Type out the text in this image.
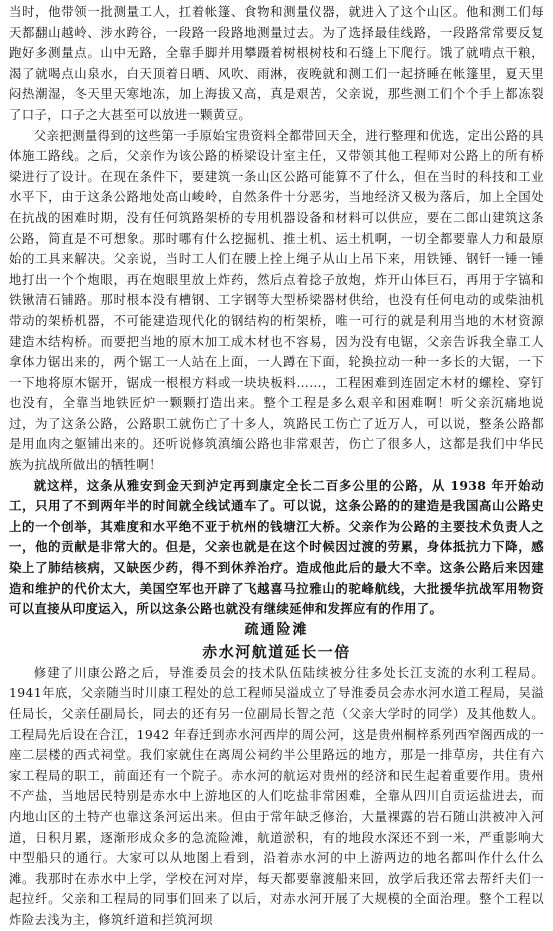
当时，他带领一批测量工人，扛着帐篷、食物和测量仪器，就进入了这个山区。他和测工们每天都翻山越岭、涉水跨谷，一段路一段路地测量过去。为了选择最佳线路，一段路常常要反复跑好多测量点。山中无路，全靠手脚并用攀蹑着树根树枝和石缝上下爬行。饿了就啃点干粮，渴了就喝点山泉水，白天顶着日晒、风吹、雨淋，夜晚就和测工们一起挤睡在帐篷里，夏天里闷热潮湿，冬天里天寒地冻，加上海拔又高，真是艰苦，父亲说，那些测工们个个手上都冻裂了口子，口子之大甚至可以放进一颗黄豆。

父亲把测量得到的这些第一手原始宝贵资料全都带回天全，进行整理和优选，定出公路的具体施工路线。之后，父亲作为该公路的桥梁设计室主任，又带领其他工程师对公路上的所有桥梁进行了设计。在现在条件下，要建筑一条山区公路可能算不了什么，但在当时的科技和工业水平下，由于这条公路地处高山峻岭，自然条件十分恶劣，当地经济又极为落后，加上全国处在抗战的困难时期，没有任何筑路架桥的专用机器设备和材料可以供应，要在二郎山建筑这条公路，简直是不可想象。那时哪有什么挖掘机、推土机、运土机啊，一切全都要靠人力和最原始的工具来解决。父亲说，当时工人们在腰上拴上绳子从山上吊下来，用铁锤、钢钎一锤一锤地打出一个个炮眼，再在炮眼里放上炸药，然后点着捻子放炮，炸开山体巨石，再用于字镐和铁锹清石铺路。那时根本没有槽钢、工字钢等大型桥梁器材供给，也没有任何电动的或柴油机带动的架桥机器，不可能建造现代化的钢结构的桁架桥，唯一可行的就是利用当地的木材资源建造木结构桥。而要把当地的原木加工成木材也不容易，因为没有电锯，父亲告诉我全靠工人拿体力锯出来的，两个锯工一人站在上面，一人蹲在下面，轮换拉动一种一多长的大锯，一下一下地将原木锯开，锯成一根根方料或一块块板料……，工程困难到连固定木材的螺栓、穿钉也没有，全靠当地铁匠炉一颗颗打造出来。整个工程是多么艰辛和困难啊！听父亲沉痛地说过，为了这条公路，公路职工就伤亡了十多人，筑路民工伤亡了近万人，可以说，整条公路都是用血肉之躯铺出来的。还听说修筑滇缅公路也非常艰苦，伤亡了很多人，这都是我们中华民族为抗战所做出的牺牲啊！

就这样，这条从雅安到金天到泸定再到康定全长二百多公里的公路，从 1938 年开始动工，只用了不到两年半的时间就全线试通车了。可以说，这条公路的的建造是我国高山公路史上的一个创举，其难度和水平绝不亚于杭州的钱塘江大桥。父亲作为公路的主要技术负责人之一，他的贡献是非常大的。但是，父亲也就是在这个时候因过渡的劳累，身体抵抗力下降，感染上了肺结核病，又缺医少药，得不到休养治疗。造成他此后的最大不幸。这条公路后来因建造和维护的代价太大，美国空军也开辟了飞越喜马拉雅山的驼峰航线，大批援华抗战军用物资可以直接从印度运入，所以这条公路也就没有继续延伸和发挥应有的作用了。

疏通险滩

赤水河航道延长一倍

修建了川康公路之后，导淮委员会的技术队伍陆续被分往多处长江支流的水利工程局。1941年底，父亲随当时川康工程处的总工程师吴溢成立了导淮委员会赤水河水道工程局，吴溢任局长，父亲任副局长，同去的还有另一位副局长智之范（父亲大学时的同学）及其他数人。工程局先后设在合江，1942 年春迁到赤水河西岸的周公河，这是贵州桐梓系列西窄阁西成的一座二层楼的西式祠堂。我们家就住在离周公祠约半公里路远的地方，那是一排草房，共住有六家工程局的职工，前面还有一个院子。赤水河的航运对贵州的经济和民生起着重要作用。贵州不产盐，当地居民特别是赤水中上游地区的人们吃盐非常困难，全靠从四川自贡运盐进去，而内地山区的土特产也靠这条河运出来。但由于常年缺乏修治，大量裸露的岩石随山洪被冲入河道，日积月累，逐渐形成众多的急流险滩，航道淤积，有的地段水深还不到一米，严重影响大中型船只的通行。大家可以从地图上看到，沿着赤水河的中上游两边的地名都叫作什么什么滩。我那时在赤水中上学，学校在河对岸，每天都要靠渡船来回，放学后我还常去帮纤夫们一起拉纤。父亲和工程局的同事们回来了以后，对赤水河开展了大规模的全面治理。整个工程以炸险去浅为主，修筑纤道和拦筑河坝
